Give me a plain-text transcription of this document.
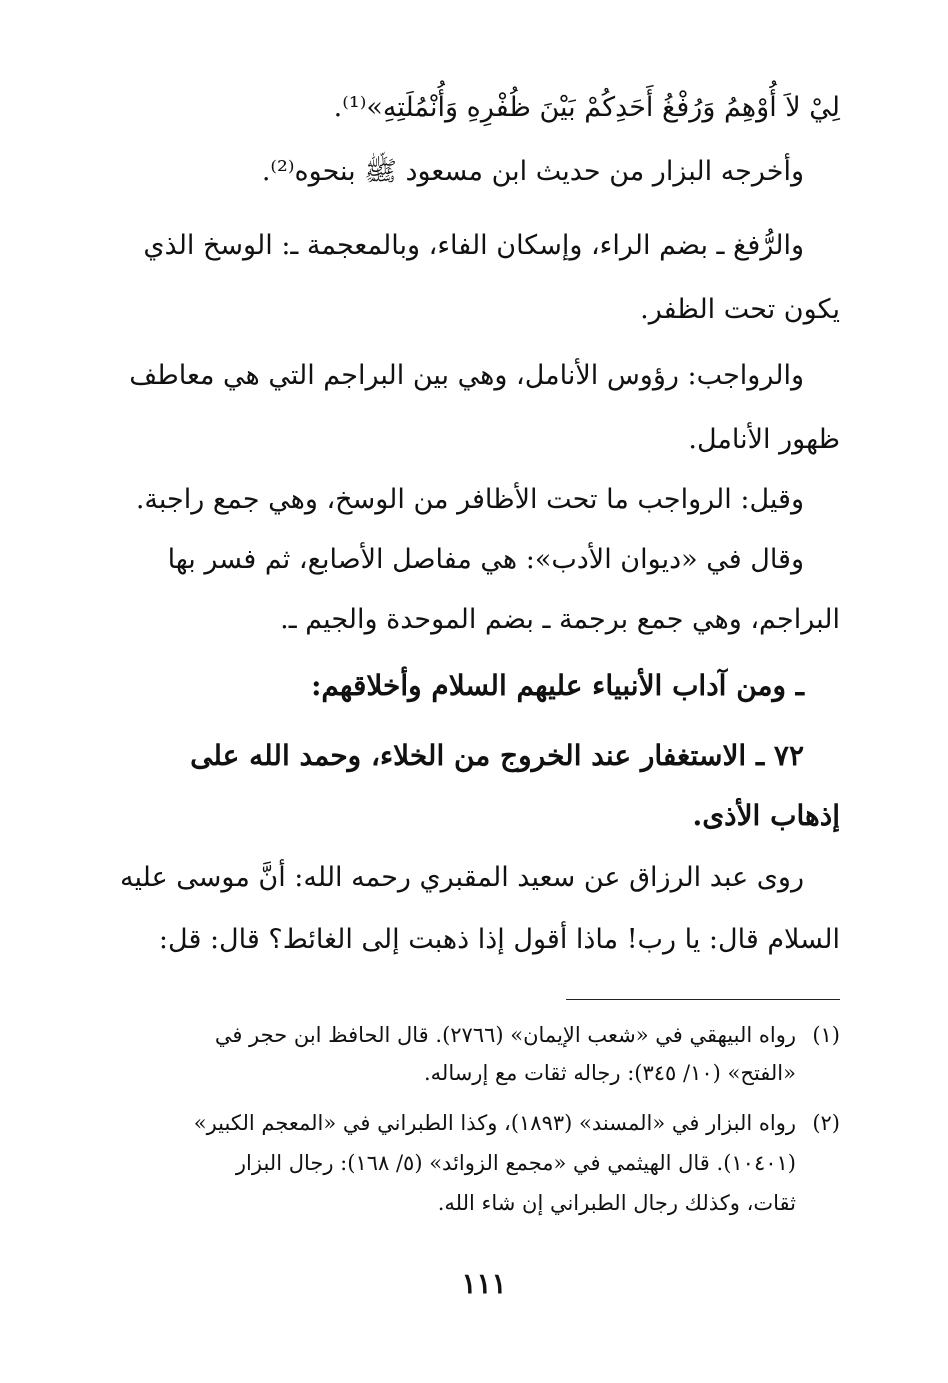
لِيْ لاَ أُوْهِمُ وَرُفْغُ أَحَدِكُمْ بَيْنَ ظُفْرِهِ وَأُنْمُلَتِهِ»⁽¹⁾.
وأخرجه البزار من حديث ابن مسعود ﷺ بنحوه⁽²⁾.
والرُّفغ ـ بضم الراء، وإسكان الفاء، وبالمعجمة ـ: الوسخ الذي
يكون تحت الظفر.
والرواجب: رؤوس الأنامل، وهي بين البراجم التي هي معاطف
ظهور الأنامل.
وقيل: الرواجب ما تحت الأظافر من الوسخ، وهي جمع راجبة.
وقال في «ديوان الأدب»: هي مفاصل الأصابع، ثم فسر بها
البراجم، وهي جمع برجمة ـ بضم الموحدة والجيم ـ.
ـ ومن آداب الأنبياء عليهم السلام وأخلاقهم:
٧٢ ـ الاستغفار عند الخروج من الخلاء، وحمد الله على
إذهاب الأذى.
روى عبد الرزاق عن سعيد المقبري رحمه الله: أنَّ موسى عليه
السلام قال: يا رب! ماذا أقول إذا ذهبت إلى الغائط؟ قال: قل:
(١)رواه البيهقي في «شعب الإيمان» (٢٧٦٦). قال الحافظ ابن حجر في
«الفتح» (١٠/ ٣٤٥): رجاله ثقات مع إرساله.
(٢)رواه البزار في «المسند» (١٨٩٣)، وكذا الطبراني في «المعجم الكبير»
(١٠٤٠١). قال الهيثمي في «مجمع الزوائد» (٥/ ١٦٨): رجال البزار
ثقات، وكذلك رجال الطبراني إن شاء الله.
١١١
